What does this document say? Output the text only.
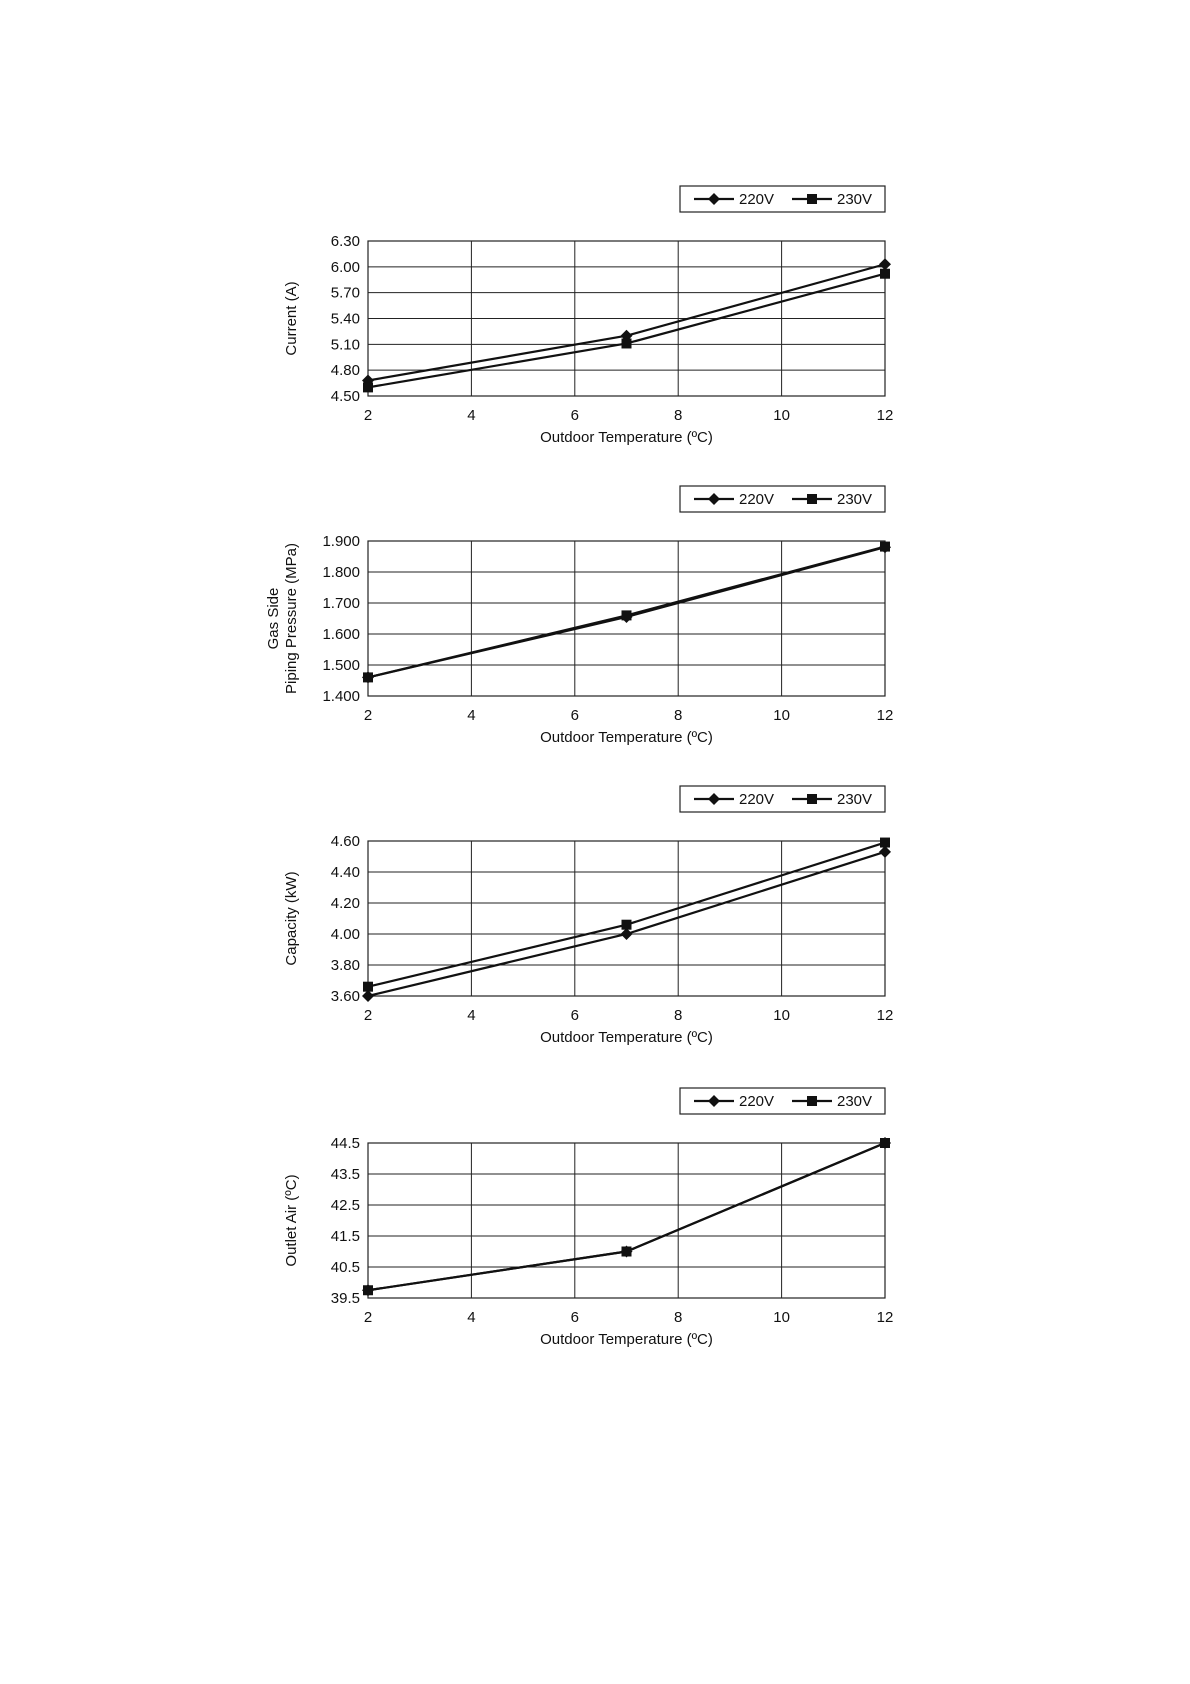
2	4	6	8	10	12
6.30
6.00
5.70
5.40
5.10
4.80
4.50
Outdoor Temperature (ºC)
Current (A)
220V	230V
2	4	6	8	10	12
1.900
1.800
1.700
1.600
1.500
1.400
Outdoor Temperature (ºC)
Gas Side Piping Pressure (MPa)
220V	230V
2	4	6	8	10	12
4.60
4.40
4.20
4.00
3.80
3.60
Outdoor Temperature (ºC)
Capacity (kW)
220V	230V
2	4	6	8	10	12
44.5
43.5
42.5
41.5
40.5
39.5
Outdoor Temperature (ºC)
Outlet Air (ºC)
220V	230V
